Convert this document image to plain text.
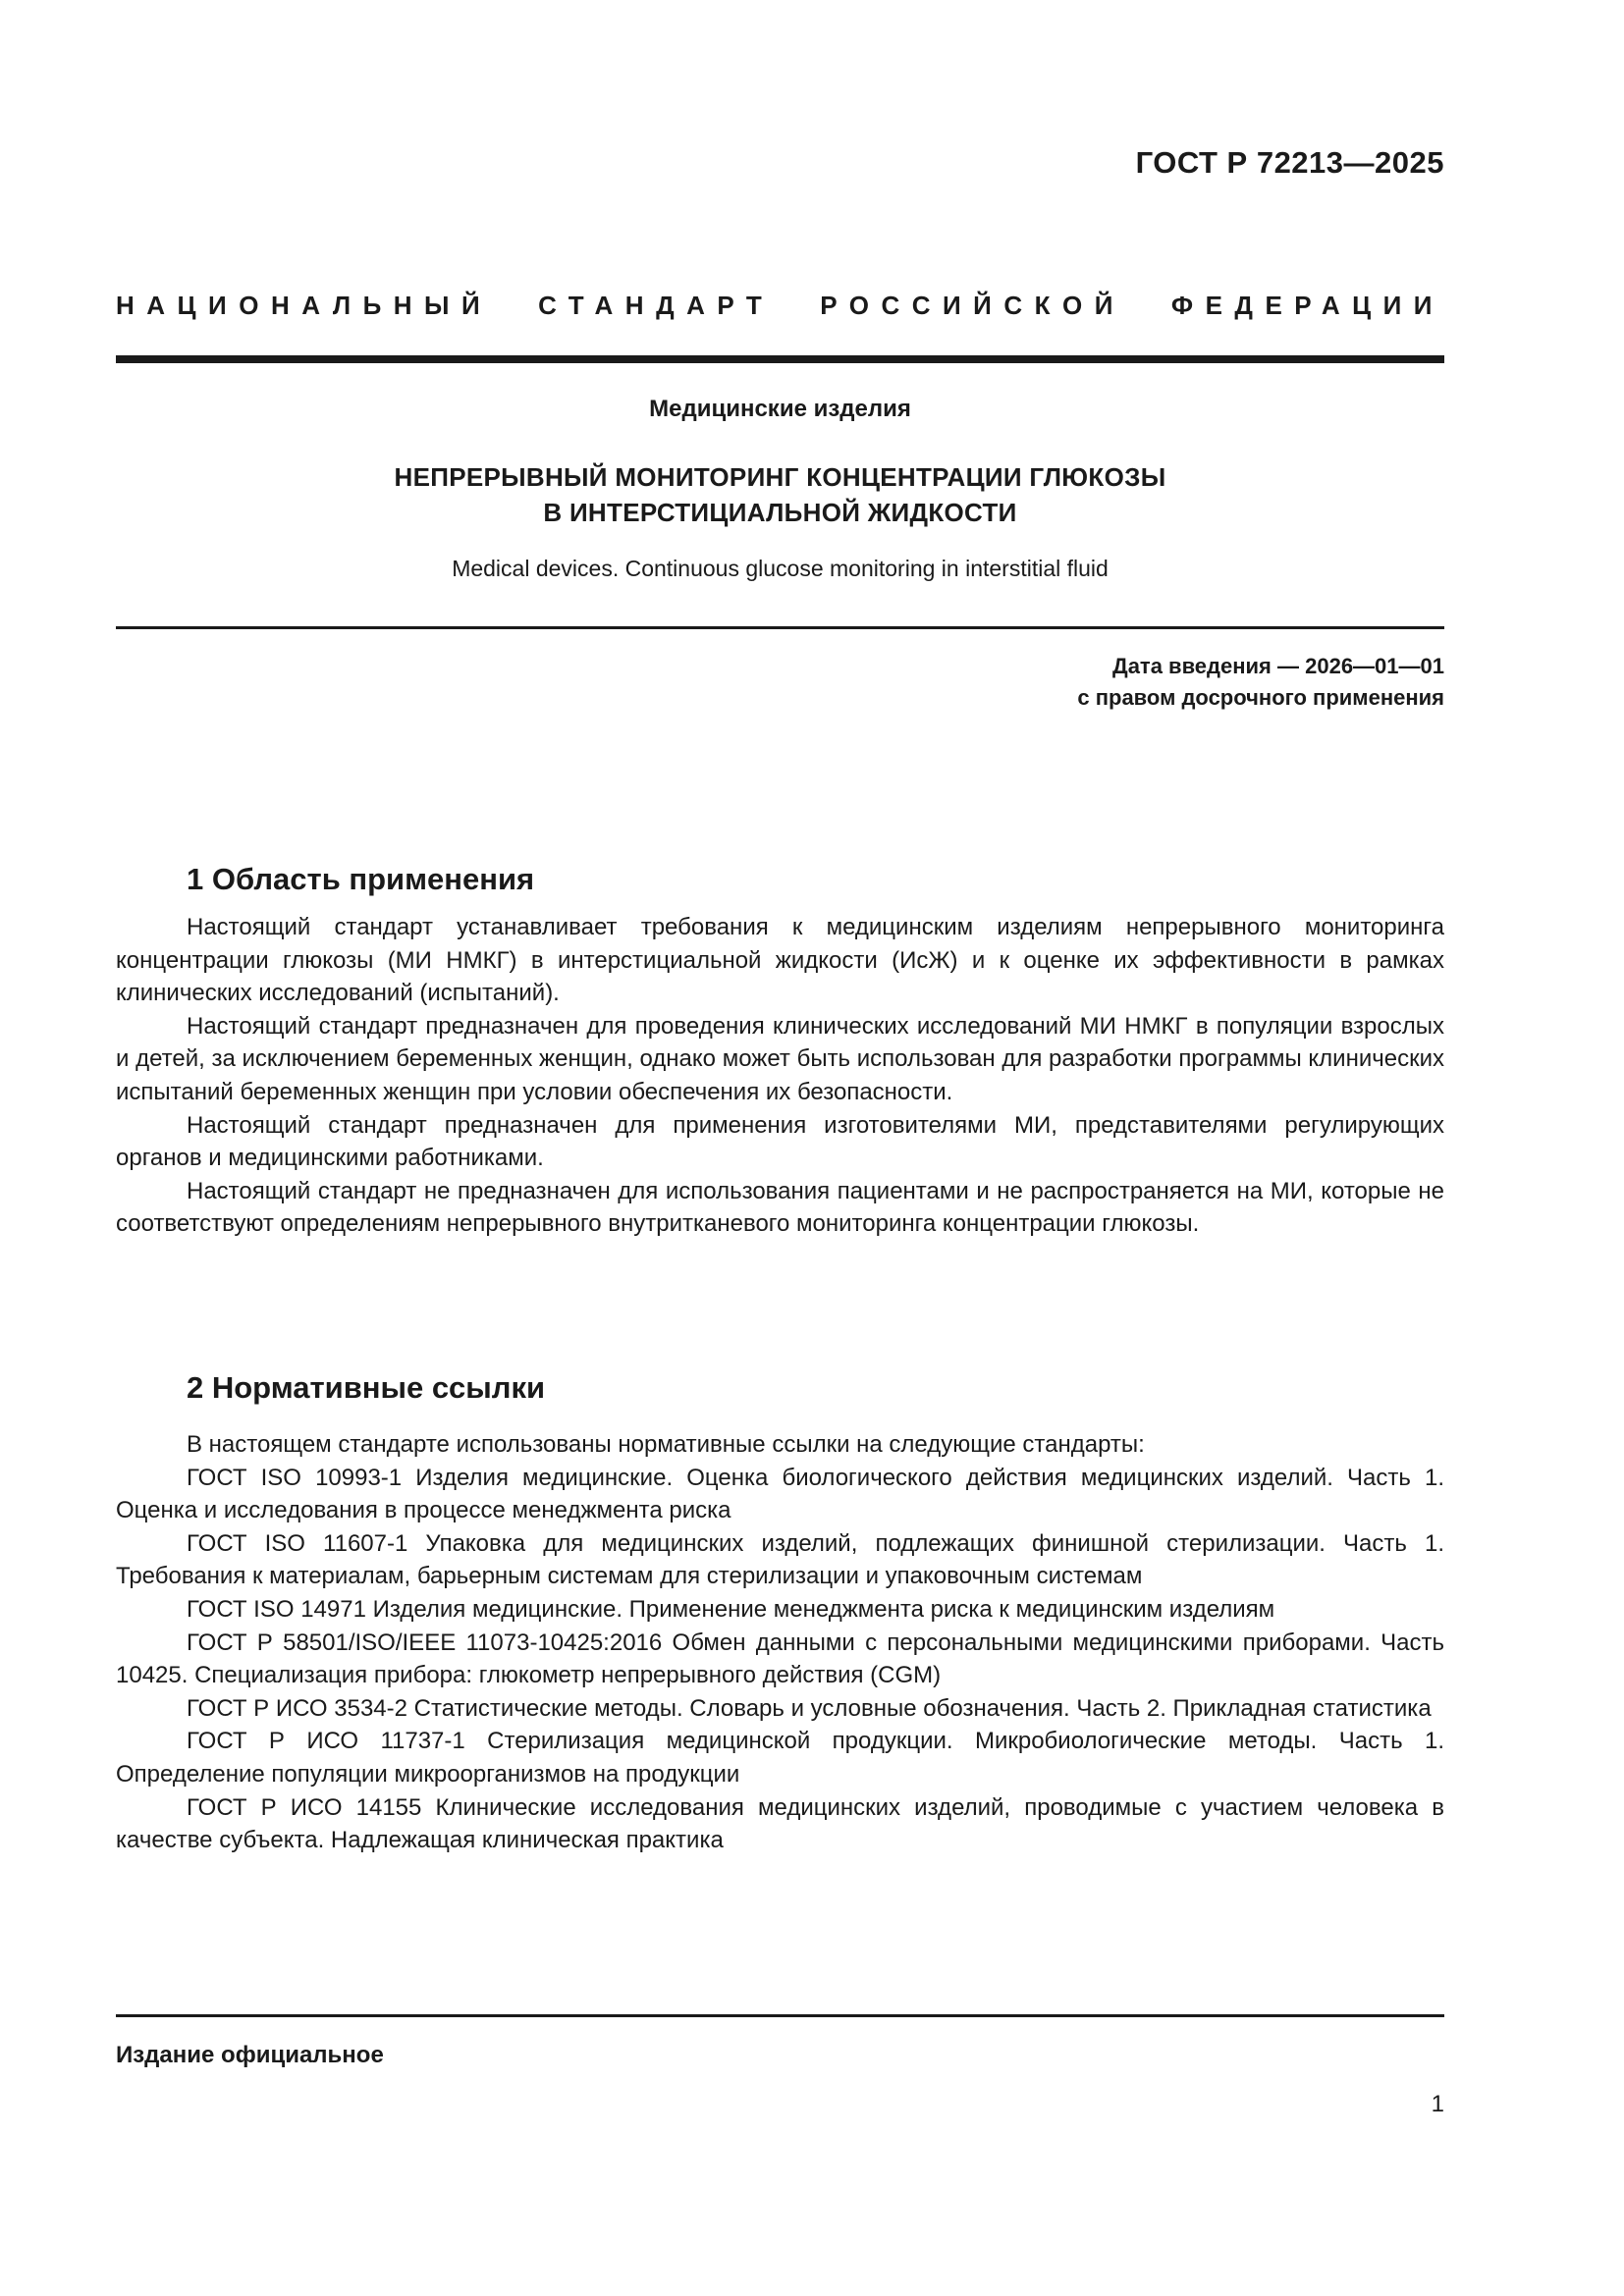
ГОСТ Р 72213—2025
НАЦИОНАЛЬНЫЙ СТАНДАРТ РОССИЙСКОЙ ФЕДЕРАЦИИ
Медицинские изделия
НЕПРЕРЫВНЫЙ МОНИТОРИНГ КОНЦЕНТРАЦИИ ГЛЮКОЗЫ
В ИНТЕРСТИЦИАЛЬНОЙ ЖИДКОСТИ
Medical devices. Continuous glucose monitoring in interstitial fluid
Дата введения — 2026—01—01
с правом досрочного применения
1 Область применения

Настоящий стандарт устанавливает требования к медицинским изделиям непрерывного мониторинга концентрации глюкозы (МИ НМКГ) в интерстициальной жидкости (ИсЖ) и к оценке их эффективности в рамках клинических исследований (испытаний).

Настоящий стандарт предназначен для проведения клинических исследований МИ НМКГ в популяции взрослых и детей, за исключением беременных женщин, однако может быть использован для разработки программы клинических испытаний беременных женщин при условии обеспечения их безопасности.

Настоящий стандарт предназначен для применения изготовителями МИ, представителями регулирующих органов и медицинскими работниками.

Настоящий стандарт не предназначен для использования пациентами и не распространяется на МИ, которые не соответствуют определениям непрерывного внутритканевого мониторинга концентрации глюкозы.

2 Нормативные ссылки

В настоящем стандарте использованы нормативные ссылки на следующие стандарты:

ГОСТ ISO 10993-1 Изделия медицинские. Оценка биологического действия медицинских изделий. Часть 1. Оценка и исследования в процессе менеджмента риска

ГОСТ ISO 11607-1 Упаковка для медицинских изделий, подлежащих финишной стерилизации. Часть 1. Требования к материалам, барьерным системам для стерилизации и упаковочным системам

ГОСТ ISO 14971 Изделия медицинские. Применение менеджмента риска к медицинским изделиям

ГОСТ Р 58501/ISO/IEEE 11073-10425:2016 Обмен данными с персональными медицинскими приборами. Часть 10425. Специализация прибора: глюкометр непрерывного действия (CGM)

ГОСТ Р ИСО 3534-2 Статистические методы. Словарь и условные обозначения. Часть 2. Прикладная статистика

ГОСТ Р ИСО 11737-1 Стерилизация медицинской продукции. Микробиологические методы. Часть 1. Определение популяции микроорганизмов на продукции

ГОСТ Р ИСО 14155 Клинические исследования медицинских изделий, проводимые с участием человека в качестве субъекта. Надлежащая клиническая практика

Издание официальное
1
